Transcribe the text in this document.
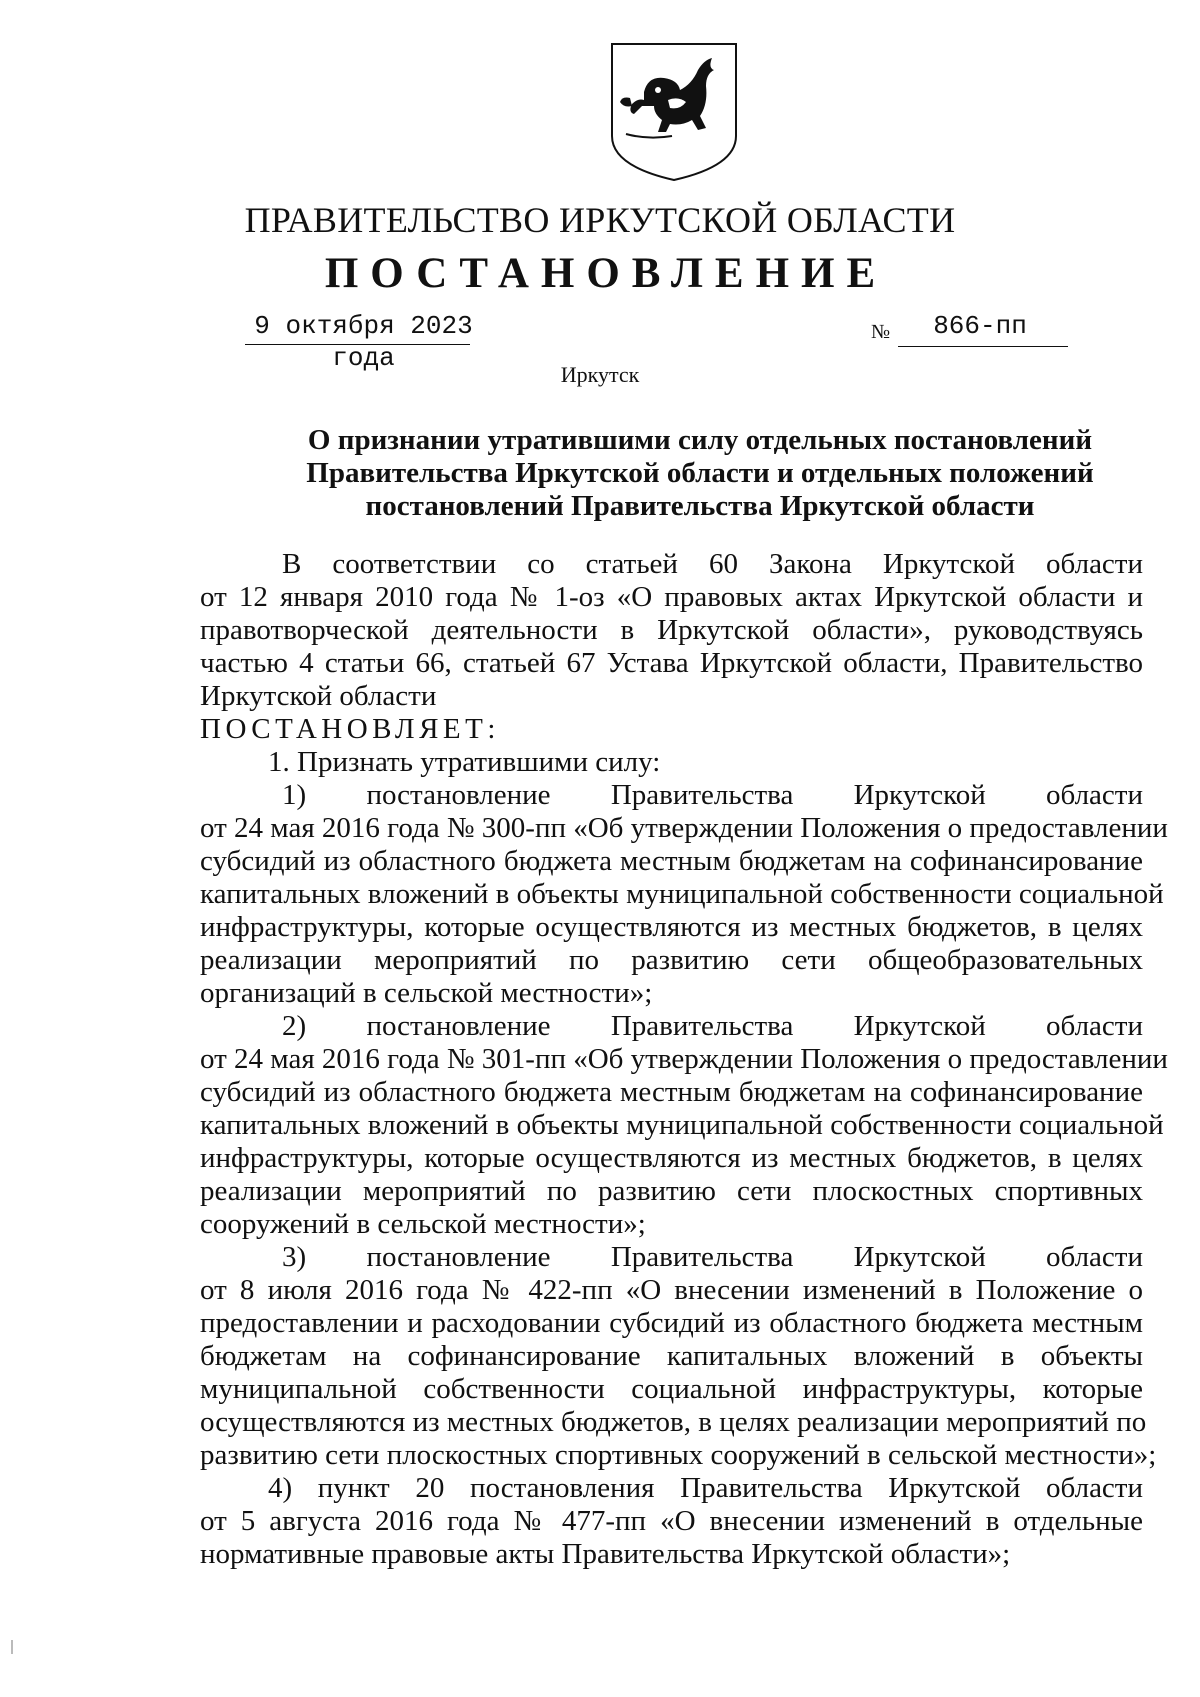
ПРАВИТЕЛЬСТВО ИРКУТСКОЙ ОБЛАСТИ
ПОСТАНОВЛЕНИЕ
9 октября 2023 года
№	866-пп
Иркутск
О признании утратившими силу отдельных постановлений
Правительства Иркутской области и отдельных положений
постановлений Правительства Иркутской области
В соответствии со статьей 60 Закона Иркутской области
от 12 января 2010 года № 1-оз «О правовых актах Иркутской области и
правотворческой деятельности в Иркутской области», руководствуясь
частью 4 статьи 66, статьей 67 Устава Иркутской области, Правительство
Иркутской области
ПОСТАНОВЛЯЕТ:
1. Признать утратившими силу:
1) постановление Правительства Иркутской области
от 24 мая 2016 года № 300-пп «Об утверждении Положения о предоставлении
субсидий из областного бюджета местным бюджетам на софинансирование
капитальных вложений в объекты муниципальной собственности социальной
инфраструктуры, которые осуществляются из местных бюджетов, в целях
реализации мероприятий по развитию сети общеобразовательных
организаций в сельской местности»;
2) постановление Правительства Иркутской области
от 24 мая 2016 года № 301-пп «Об утверждении Положения о предоставлении
субсидий из областного бюджета местным бюджетам на софинансирование
капитальных вложений в объекты муниципальной собственности социальной
инфраструктуры, которые осуществляются из местных бюджетов, в целях
реализации мероприятий по развитию сети плоскостных спортивных
сооружений в сельской местности»;
3) постановление Правительства Иркутской области
от 8 июля 2016 года № 422-пп «О внесении изменений в Положение о
предоставлении и расходовании субсидий из областного бюджета местным
бюджетам на софинансирование капитальных вложений в объекты
муниципальной собственности социальной инфраструктуры, которые
осуществляются из местных бюджетов, в целях реализации мероприятий по
развитию сети плоскостных спортивных сооружений в сельской местности»;
4) пункт 20 постановления Правительства Иркутской области
от 5 августа 2016 года № 477-пп «О внесении изменений в отдельные
нормативные правовые акты Правительства Иркутской области»;
